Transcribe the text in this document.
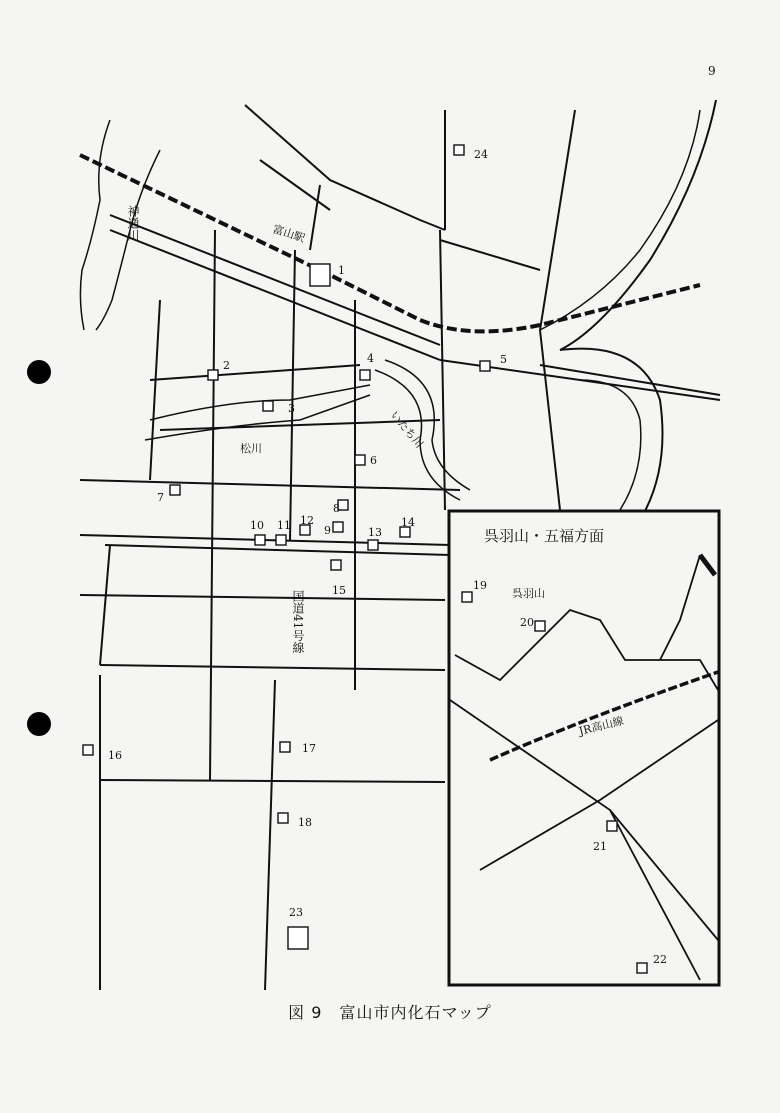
9
呉羽山・五福方面
呉羽山
JR高山線
富山駅
神通川
松川	いたち川
国道41号線
1
2
3
4	5
6
7
8
9
10 11 12
13
14
15
16
17
18
19
20
21
22
23
24
図 9　富山市内化石マップ
